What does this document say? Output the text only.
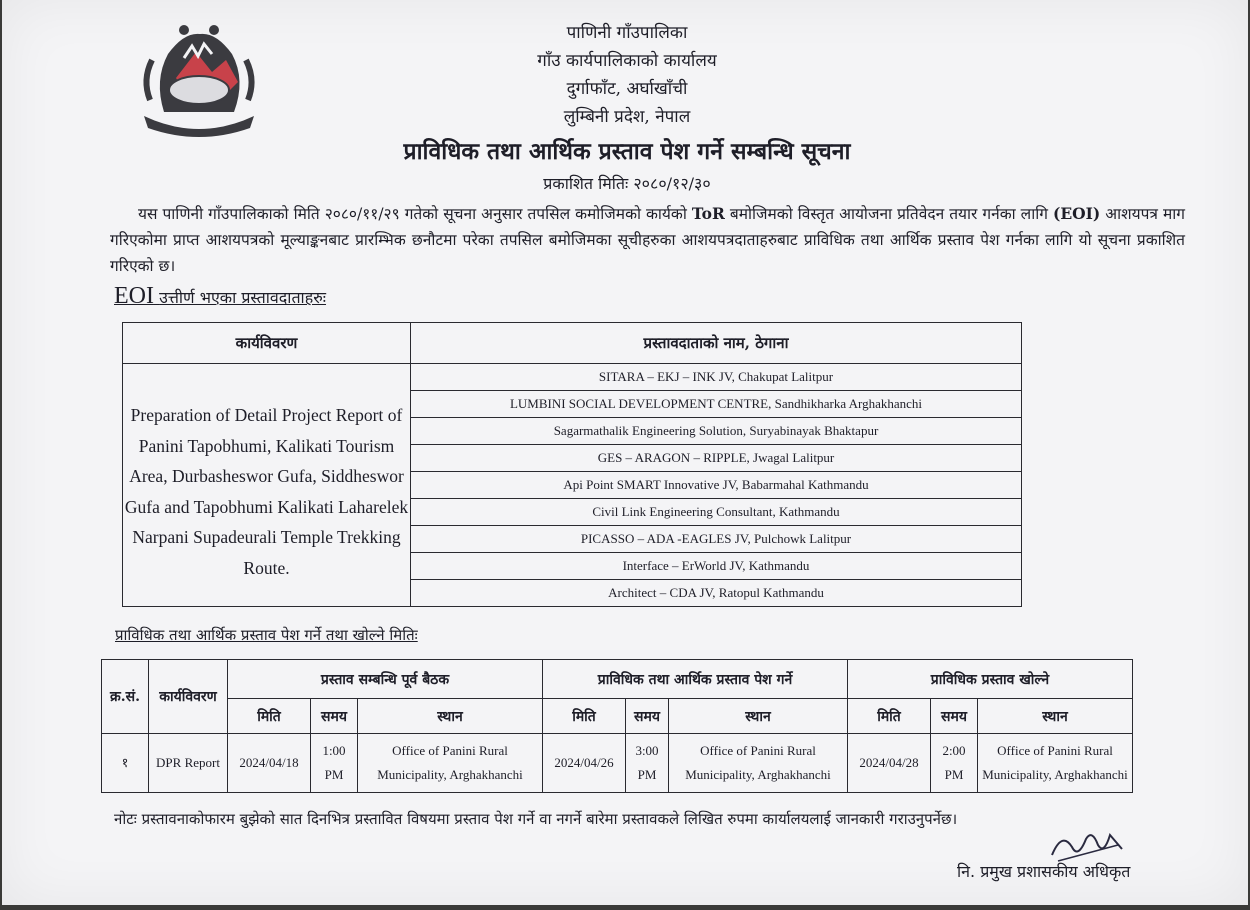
पाणिनी गाँउपालिका
गाँउ कार्यपालिकाको कार्यालय
दुर्गाफाँट, अर्घाखाँची
लुम्बिनी प्रदेश, नेपाल
प्राविधिक तथा आर्थिक प्रस्ताव पेश गर्ने सम्बन्धि सूचना
प्रकाशित मितिः २०८०/१२/३०
यस पाणिनी गाँउपालिकाको मिति २०८०/११/२९ गतेको सूचना अनुसार तपसिल कमोजिमको कार्यको ToR बमोजिमको विस्तृत आयोजना प्रतिवेदन तयार गर्नका लागि (EOI) आशयपत्र माग गरिएकोमा प्राप्त आशयपत्रको मूल्याङ्कनबाट प्रारम्भिक छनौटमा परेका तपसिल बमोजिमका सूचीहरुका आशयपत्रदाताहरुबाट प्राविधिक तथा आर्थिक प्रस्ताव पेश गर्नका लागि यो सूचना प्रकाशित गरिएको छ।
EOI उत्तीर्ण भएका प्रस्तावदाताहरुः
कार्यविवरण	प्रस्तावदाताको नाम, ठेगाना
Preparation of Detail Project Report of Panini Tapobhumi, Kalikati Tourism Area, Durbasheswor Gufa, Siddheswor Gufa and Tapobhumi Kalikati Laharelek Narpani Supadeurali Temple Trekking Route.	SITARA – EKJ – INK JV, Chakupat Lalitpur
	LUMBINI SOCIAL DEVELOPMENT CENTRE, Sandhikharka Arghakhanchi
	Sagarmathalik Engineering Solution, Suryabinayak Bhaktapur
	GES – ARAGON – RIPPLE, Jwagal Lalitpur
	Api Point SMART Innovative JV, Babarmahal Kathmandu
	Civil Link Engineering Consultant, Kathmandu
	PICASSO – ADA -EAGLES JV, Pulchowk Lalitpur
	Interface – ErWorld JV, Kathmandu
	Architect – CDA JV, Ratopul Kathmandu
प्राविधिक तथा आर्थिक प्रस्ताव पेश गर्ने तथा खोल्ने मितिः
क्र.सं.	कार्यविवरण	प्रस्ताव सम्बन्धि पूर्व बैठक			प्राविधिक तथा आर्थिक प्रस्ताव पेश गर्ने			प्राविधिक प्रस्ताव खोल्ने		
		मिति	समय	स्थान	मिति	समय	स्थान	मिति	समय	स्थान
१	DPR Report	2024/04/18	1:00 PM	Office of Panini Rural Municipality, Arghakhanchi	2024/04/26	3:00 PM	Office of Panini Rural Municipality, Arghakhanchi	2024/04/28	2:00 PM	Office of Panini Rural Municipality, Arghakhanchi
नोटः प्रस्तावनाकोफारम बुझेको सात दिनभित्र प्रस्तावित विषयमा प्रस्ताव पेश गर्ने वा नगर्ने बारेमा प्रस्तावकले लिखित रुपमा कार्यालयलाई जानकारी गराउनुपर्नेछ।
नि. प्रमुख प्रशासकीय अधिकृत
